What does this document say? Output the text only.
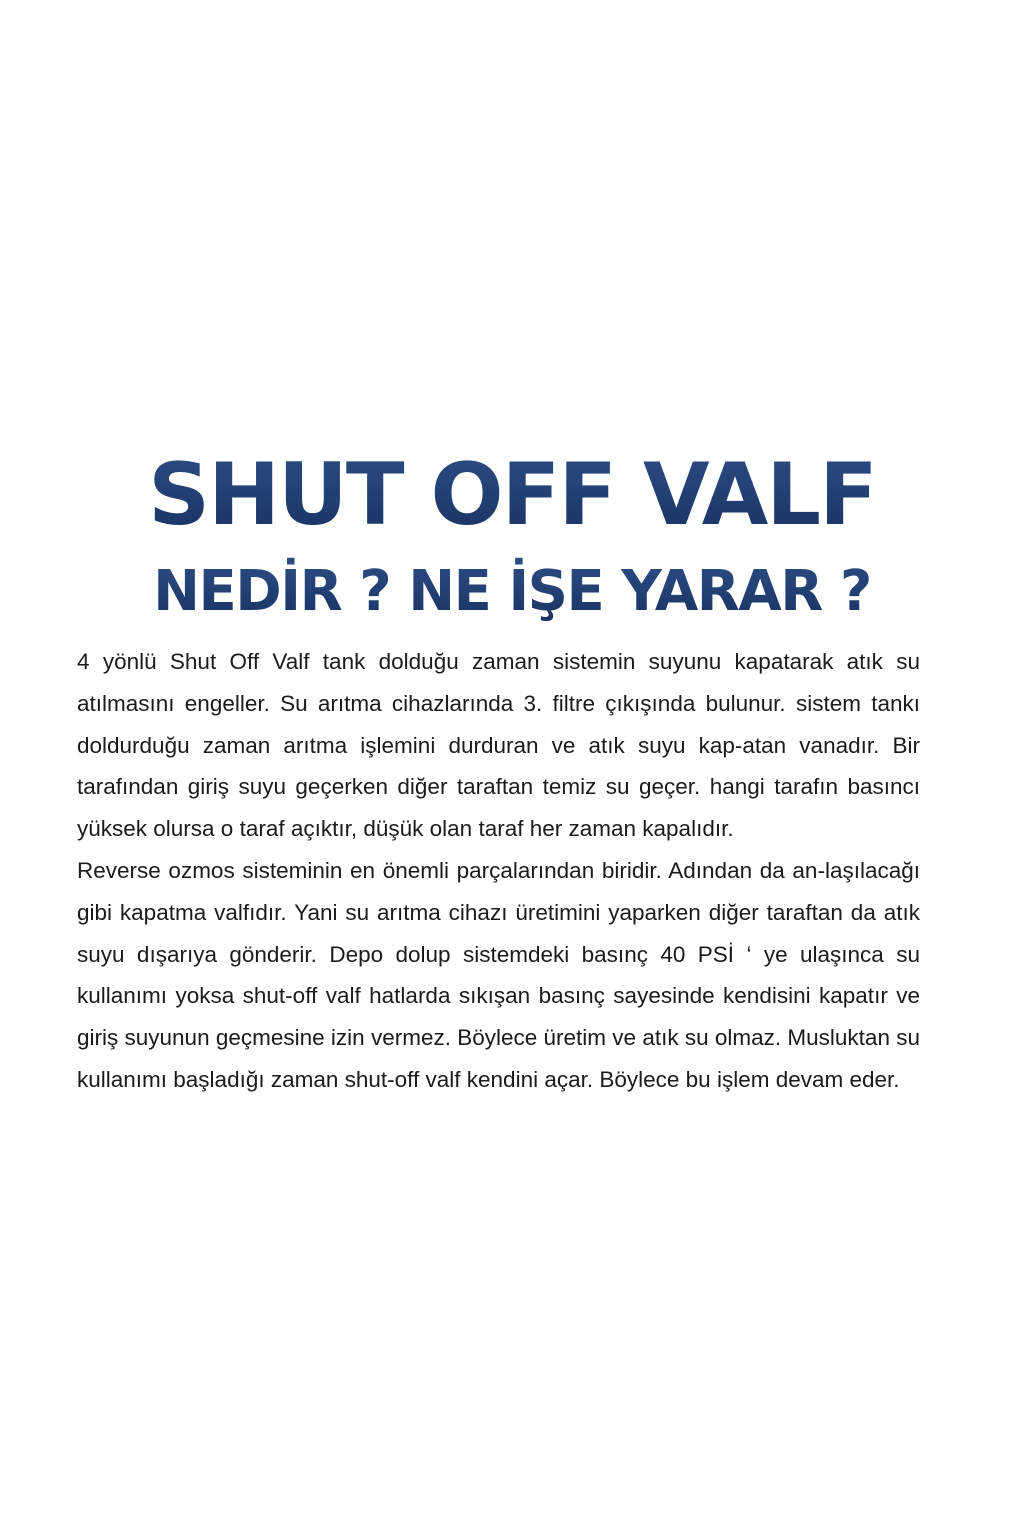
SHUT OFF VALF
NEDİR ? NE İŞE YARAR ?

4 yönlü Shut Off Valf tank dolduğu zaman sistemin suyunu kapatarak atık su atılmasını engeller. Su arıtma cihazlarında 3. filtre çıkışında bulunur. sistem tankı doldurduğu zaman arıtma işlemini durduran ve atık suyu kap-atan vanadır. Bir tarafından giriş suyu geçerken diğer taraftan temiz su geçer. hangi tarafın basıncı yüksek olursa o taraf açıktır, düşük olan taraf her zaman kapalıdır.

Reverse ozmos sisteminin en önemli parçalarından biridir. Adından da an-laşılacağı gibi kapatma valfıdır. Yani su arıtma cihazı üretimini yaparken diğer taraftan da atık suyu dışarıya gönderir. Depo dolup sistemdeki basınç 40 PSİ ‘ ye ulaşınca su kullanımı yoksa shut-off valf hatlarda sıkışan basınç sayesinde kendisini kapatır ve giriş suyunun geçmesine izin vermez. Böylece üretim ve atık su olmaz. Musluktan su kullanımı başladığı zaman shut-off valf kendini açar. Böylece bu işlem devam eder.
